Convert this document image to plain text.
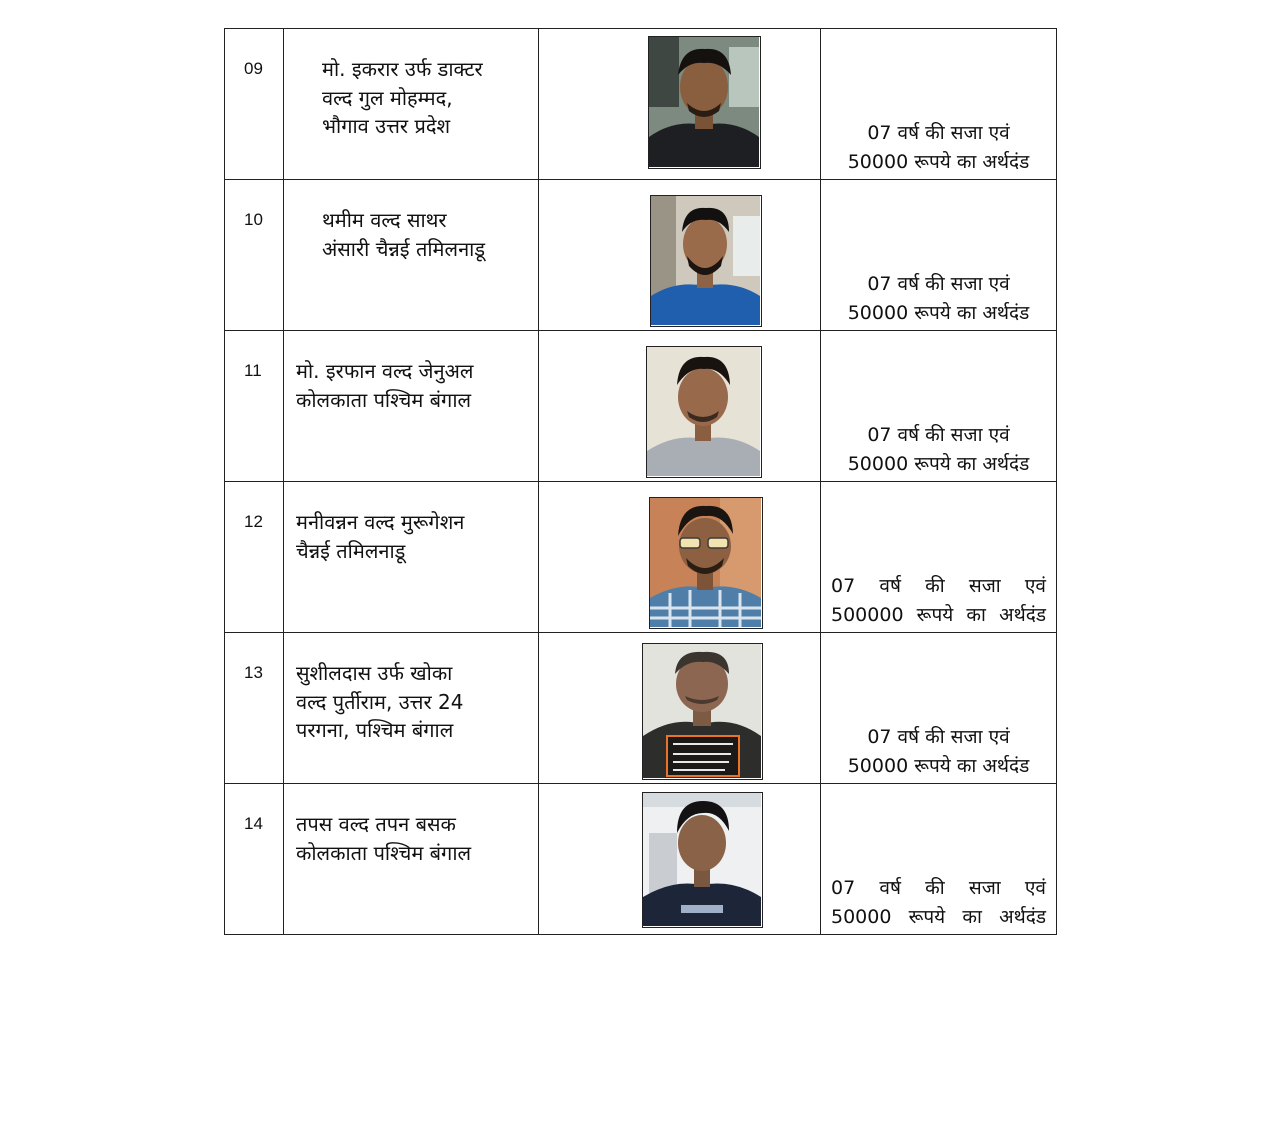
09	मो. इकरार उर्फ डाक्टर
वल्द गुल मोहम्मद,
भौगाव उत्तर प्रदेश		07 वर्ष की सजा एवं
50000 रूपये का अर्थदंड

10	थमीम वल्द साथर
अंसारी चैन्नई तमिलनाडू		07 वर्ष की सजा एवं
50000 रूपये का अर्थदंड

11	मो. इरफान वल्द जेनुअल
कोलकाता पश्चिम बंगाल		07 वर्ष की सजा एवं
50000 रूपये का अर्थदंड

12	मनीवन्नन वल्द मुरूगेशन
चैन्नई तमिलनाडू		07 वर्ष की सजा एवं
500000 रूपये का अर्थदंड

13	सुशीलदास उर्फ खोका
वल्द पुर्तीराम, उत्तर 24
परगना, पश्चिम बंगाल		07 वर्ष की सजा एवं
50000 रूपये का अर्थदंड

14	तपस वल्द तपन बसक
कोलकाता पश्चिम बंगाल		07 वर्ष की सजा एवं
50000 रूपये का अर्थदंड
